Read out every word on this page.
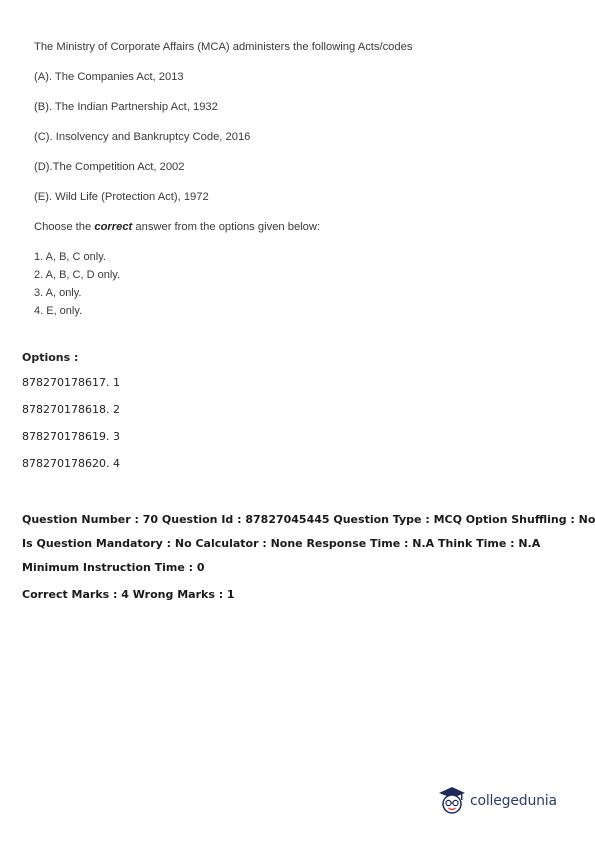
The Ministry of Corporate Affairs (MCA) administers the following Acts/codes

(A). The Companies Act, 2013

(B). The Indian Partnership Act, 1932

(C). Insolvency and Bankruptcy Code, 2016

(D).The Competition Act, 2002

(E). Wild Life (Protection Act), 1972

Choose the correct answer from the options given below:

1. A, B, C only.
2. A, B, C, D only.
3. A, only.
4. E, only.

Options :

878270178617. 1

878270178618. 2

878270178619. 3

878270178620. 4

Question Number : 70 Question Id : 87827045445 Question Type : MCQ Option Shuffling : No

Is Question Mandatory : No Calculator : None Response Time : N.A Think Time : N.A

Minimum Instruction Time : 0

Correct Marks : 4 Wrong Marks : 1

collegedunia
